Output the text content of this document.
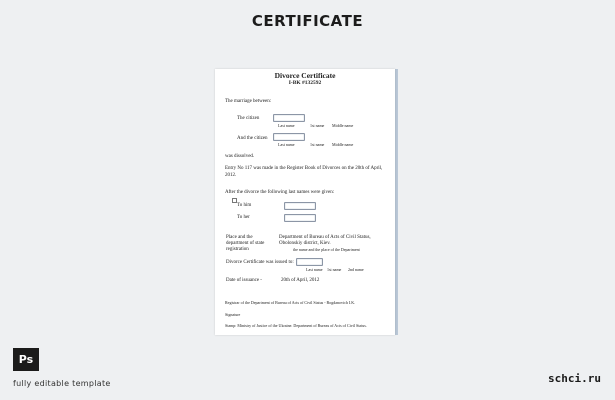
CERTIFICATE
Divorce Certificate
I-BK #132592
The marriage between:
The citizen
Last name	1st name Middle name
And the citizen
Last name	1st name Middle name
was dissolved.
Entry No 117 was made in the Register Book of Divorces on the 20th of April,
2012.
After the divorce the following last names were given:
To him
To her
Place and the
department of state
registration
Department of Bureau of Acts of Civil Status,
Obolonskiy district, Kiev.
the name and the place of the Department
Divorce Certificate was issued to:
Last name 1st name 2nd name
Date of issuance -	20th of April, 2012
Registrar of the Department of Bureau of Acts of Civil Status - Bogdanovich I.K.
Signature
Stamp: Ministry of Justice of the Ukraine. Department of Bureau of Acts of Civil Status.
Ps
fully editable template	schci.ru
